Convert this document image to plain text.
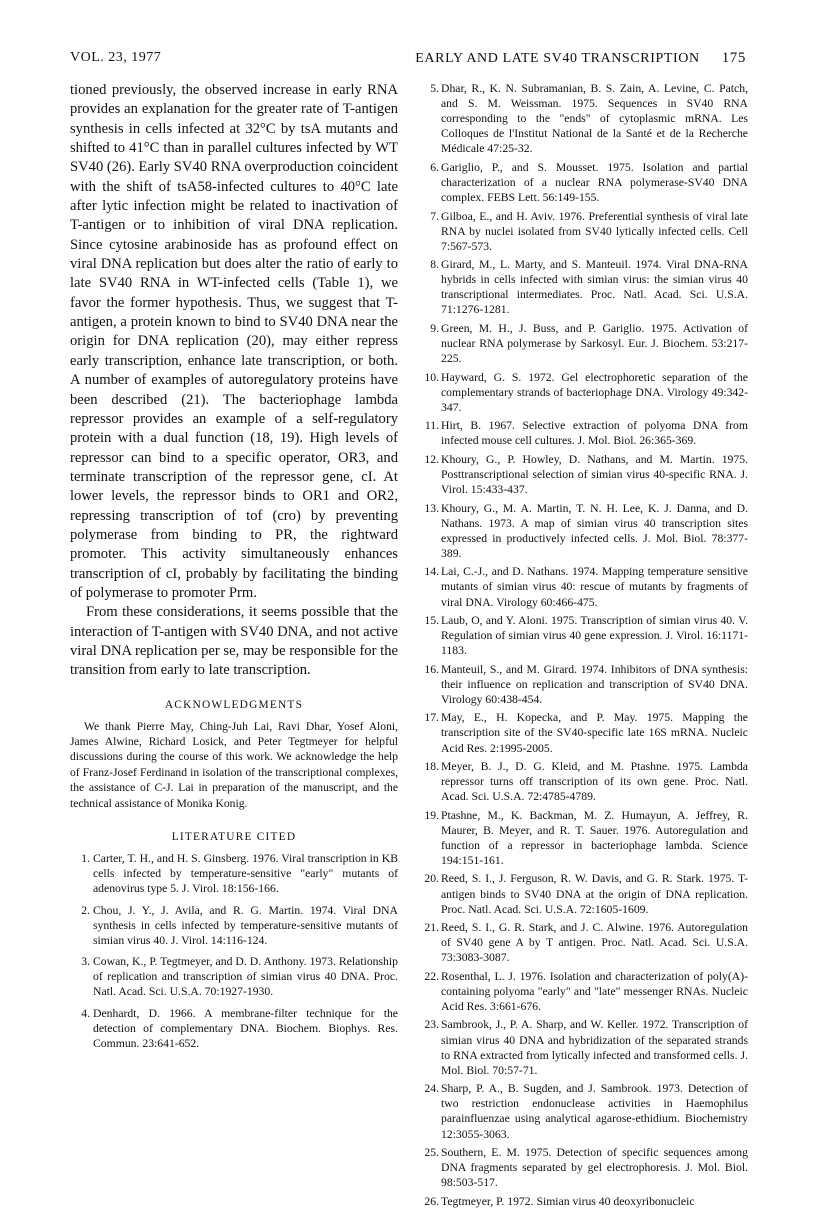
VOL. 23, 1977	EARLY AND LATE SV40 TRANSCRIPTION 175

tioned previously, the observed increase in early RNA provides an explanation for the greater rate of T-antigen synthesis in cells infected at 32°C by tsA mutants and shifted to 41°C than in parallel cultures infected by WT SV40 (26). Early SV40 RNA overproduction coincident with the shift of tsA58-infected cultures to 40°C late after lytic infection might be related to inactivation of T-antigen or to inhibition of viral DNA replication. Since cytosine arabinoside has as profound effect on viral DNA replication but does alter the ratio of early to late SV40 RNA in WT-infected cells (Table 1), we favor the former hypothesis. Thus, we suggest that T-antigen, a protein known to bind to SV40 DNA near the origin for DNA replication (20), may either repress early transcription, enhance late transcription, or both. A number of examples of autoregulatory proteins have been described (21). The bacteriophage lambda repressor provides an example of a self-regulatory protein with a dual function (18, 19). High levels of repressor can bind to a specific operator, OR3, and terminate transcription of the repressor gene, cI. At lower levels, the repressor binds to OR1 and OR2, repressing transcription of tof (cro) by preventing polymerase from binding to PR, the rightward promoter. This activity simultaneously enhances transcription of cI, probably by facilitating the binding of polymerase to promoter Prm.

From these considerations, it seems possible that the interaction of T-antigen with SV40 DNA, and not active viral DNA replication per se, may be responsible for the transition from early to late transcription.

ACKNOWLEDGMENTS

We thank Pierre May, Ching-Juh Lai, Ravi Dhar, Yosef Aloni, James Alwine, Richard Losick, and Peter Tegtmeyer for helpful discussions during the course of this work. We acknowledge the help of Franz-Josef Ferdinand in isolation of the transcriptional complexes, the assistance of C-J. Lai in preparation of the manuscript, and the technical assistance of Monika Konig.

LITERATURE CITED

1. Carter, T. H., and H. S. Ginsberg. 1976. Viral transcription in KB cells infected by temperature-sensitive "early" mutants of adenovirus type 5. J. Virol. 18:156-166.
2. Chou, J. Y., J. Avila, and R. G. Martin. 1974. Viral DNA synthesis in cells infected by temperature-sensitive mutants of simian virus 40. J. Virol. 14:116-124.
3. Cowan, K., P. Tegtmeyer, and D. D. Anthony. 1973. Relationship of replication and transcription of simian virus 40 DNA. Proc. Natl. Acad. Sci. U.S.A. 70:1927-1930.
4. Denhardt, D. 1966. A membrane-filter technique for the detection of complementary DNA. Biochem. Biophys. Res. Commun. 23:641-652.
5. Dhar, R., K. N. Subramanian, B. S. Zain, A. Levine, C. Patch, and S. M. Weissman. 1975. Sequences in SV40 RNA corresponding to the "ends" of cytoplasmic mRNA. Les Colloques de l'Institut National de la Santé et de la Recherche Médicale 47:25-32.
6. Gariglio, P., and S. Mousset. 1975. Isolation and partial characterization of a nuclear RNA polymerase-SV40 DNA complex. FEBS Lett. 56:149-155.
7. Gilboa, E., and H. Aviv. 1976. Preferential synthesis of viral late RNA by nuclei isolated from SV40 lytically infected cells. Cell 7:567-573.
8. Girard, M., L. Marty, and S. Manteuil. 1974. Viral DNA-RNA hybrids in cells infected with simian virus: the simian virus 40 transcriptional intermediates. Proc. Natl. Acad. Sci. U.S.A. 71:1276-1281.
9. Green, M. H., J. Buss, and P. Gariglio. 1975. Activation of nuclear RNA polymerase by Sarkosyl. Eur. J. Biochem. 53:217-225.
10. Hayward, G. S. 1972. Gel electrophoretic separation of the complementary strands of bacteriophage DNA. Virology 49:342-347.
11. Hirt, B. 1967. Selective extraction of polyoma DNA from infected mouse cell cultures. J. Mol. Biol. 26:365-369.
12. Khoury, G., P. Howley, D. Nathans, and M. Martin. 1975. Posttranscriptional selection of simian virus 40-specific RNA. J. Virol. 15:433-437.
13. Khoury, G., M. A. Martin, T. N. H. Lee, K. J. Danna, and D. Nathans. 1973. A map of simian virus 40 transcription sites expressed in productively infected cells. J. Mol. Biol. 78:377-389.
14. Lai, C.-J., and D. Nathans. 1974. Mapping temperature sensitive mutants of simian virus 40: rescue of mutants by fragments of viral DNA. Virology 60:466-475.
15. Laub, O, and Y. Aloni. 1975. Transcription of simian virus 40. V. Regulation of simian virus 40 gene expression. J. Virol. 16:1171-1183.
16. Manteuil, S., and M. Girard. 1974. Inhibitors of DNA synthesis: their influence on replication and transcription of SV40 DNA. Virology 60:438-454.
17. May, E., H. Kopecka, and P. May. 1975. Mapping the transcription site of the SV40-specific late 16S mRNA. Nucleic Acid Res. 2:1995-2005.
18. Meyer, B. J., D. G. Kleid, and M. Ptashne. 1975. Lambda repressor turns off transcription of its own gene. Proc. Natl. Acad. Sci. U.S.A. 72:4785-4789.
19. Ptashne, M., K. Backman, M. Z. Humayun, A. Jeffrey, R. Maurer, B. Meyer, and R. T. Sauer. 1976. Autoregulation and function of a repressor in bacteriophage lambda. Science 194:151-161.
20. Reed, S. I., J. Ferguson, R. W. Davis, and G. R. Stark. 1975. T-antigen binds to SV40 DNA at the origin of DNA replication. Proc. Natl. Acad. Sci. U.S.A. 72:1605-1609.
21. Reed, S. I., G. R. Stark, and J. C. Alwine. 1976. Autoregulation of SV40 gene A by T antigen. Proc. Natl. Acad. Sci. U.S.A. 73:3083-3087.
22. Rosenthal, L. J. 1976. Isolation and characterization of poly(A)-containing polyoma "early" and "late" messenger RNAs. Nucleic Acid Res. 3:661-676.
23. Sambrook, J., P. A. Sharp, and W. Keller. 1972. Transcription of simian virus 40 DNA and hybridization of the separated strands to RNA extracted from lytically infected and transformed cells. J. Mol. Biol. 70:57-71.
24. Sharp, P. A., B. Sugden, and J. Sambrook. 1973. Detection of two restriction endonuclease activities in Haemophilus parainfluenzae using analytical agarose-ethidium. Biochemistry 12:3055-3063.
25. Southern, E. M. 1975. Detection of specific sequences among DNA fragments separated by gel electrophoresis. J. Mol. Biol. 98:503-517.
26. Tegtmeyer, P. 1972. Simian virus 40 deoxyribonucleic
